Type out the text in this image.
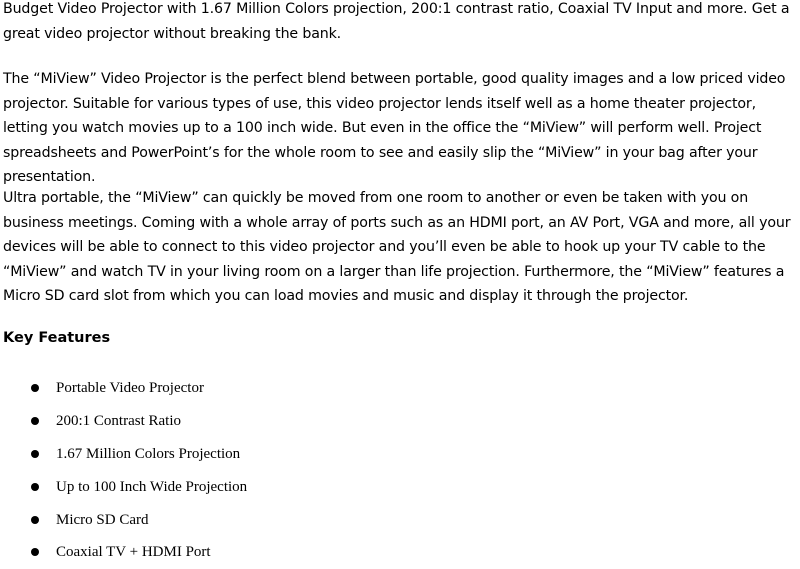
Budget Video Projector with 1.67 Million Colors projection, 200:1 contrast ratio, Coaxial TV Input and more. Get a great video projector without breaking the bank.

The “MiView” Video Projector is the perfect blend between portable, good quality images and a low priced video projector. Suitable for various types of use, this video projector lends itself well as a home theater projector, letting you watch movies up to a 100 inch wide. But even in the office the “MiView” will perform well. Project spreadsheets and PowerPoint’s for the whole room to see and easily slip the “MiView” in your bag after your presentation.

Ultra portable, the “MiView” can quickly be moved from one room to another or even be taken with you on business meetings. Coming with a whole array of ports such as an HDMI port, an AV Port, VGA and more, all your devices will be able to connect to this video projector and you’ll even be able to hook up your TV cable to the “MiView” and watch TV in your living room on a larger than life projection. Furthermore, the “MiView” features a Micro SD card slot from which you can load movies and music and display it through the projector.

Key Features
Portable Video Projector
200:1 Contrast Ratio
1.67 Million Colors Projection
Up to 100 Inch Wide Projection
Micro SD Card
Coaxial TV + HDMI Port
